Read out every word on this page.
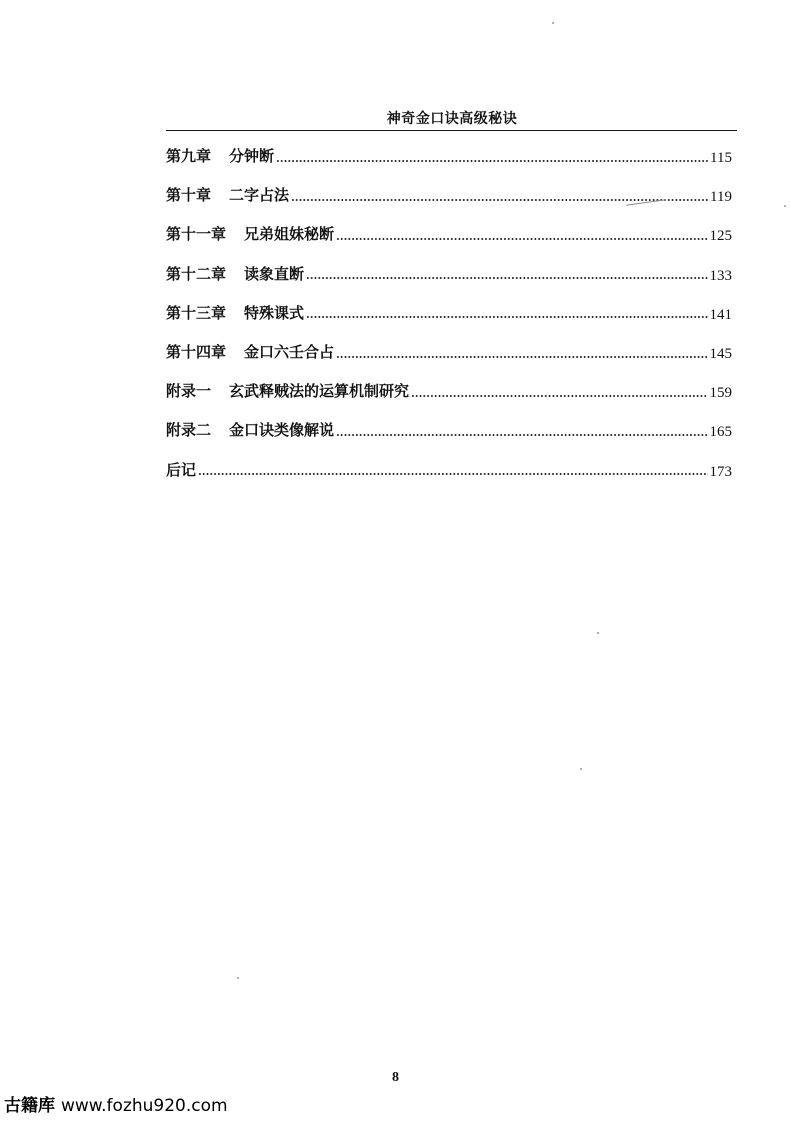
神奇金口诀高级秘诀
第九章 分钟断	115
第十章 二字占法	119
第十一章 兄弟姐妹秘断	125
第十二章 读象直断	133
第十三章 特殊课式	141
第十四章 金口六壬合占	145
附录一 玄武释贼法的运算机制研究	159
附录二 金口诀类像解说	165
后记	173
8
古籍库 www.fozhu920.com
